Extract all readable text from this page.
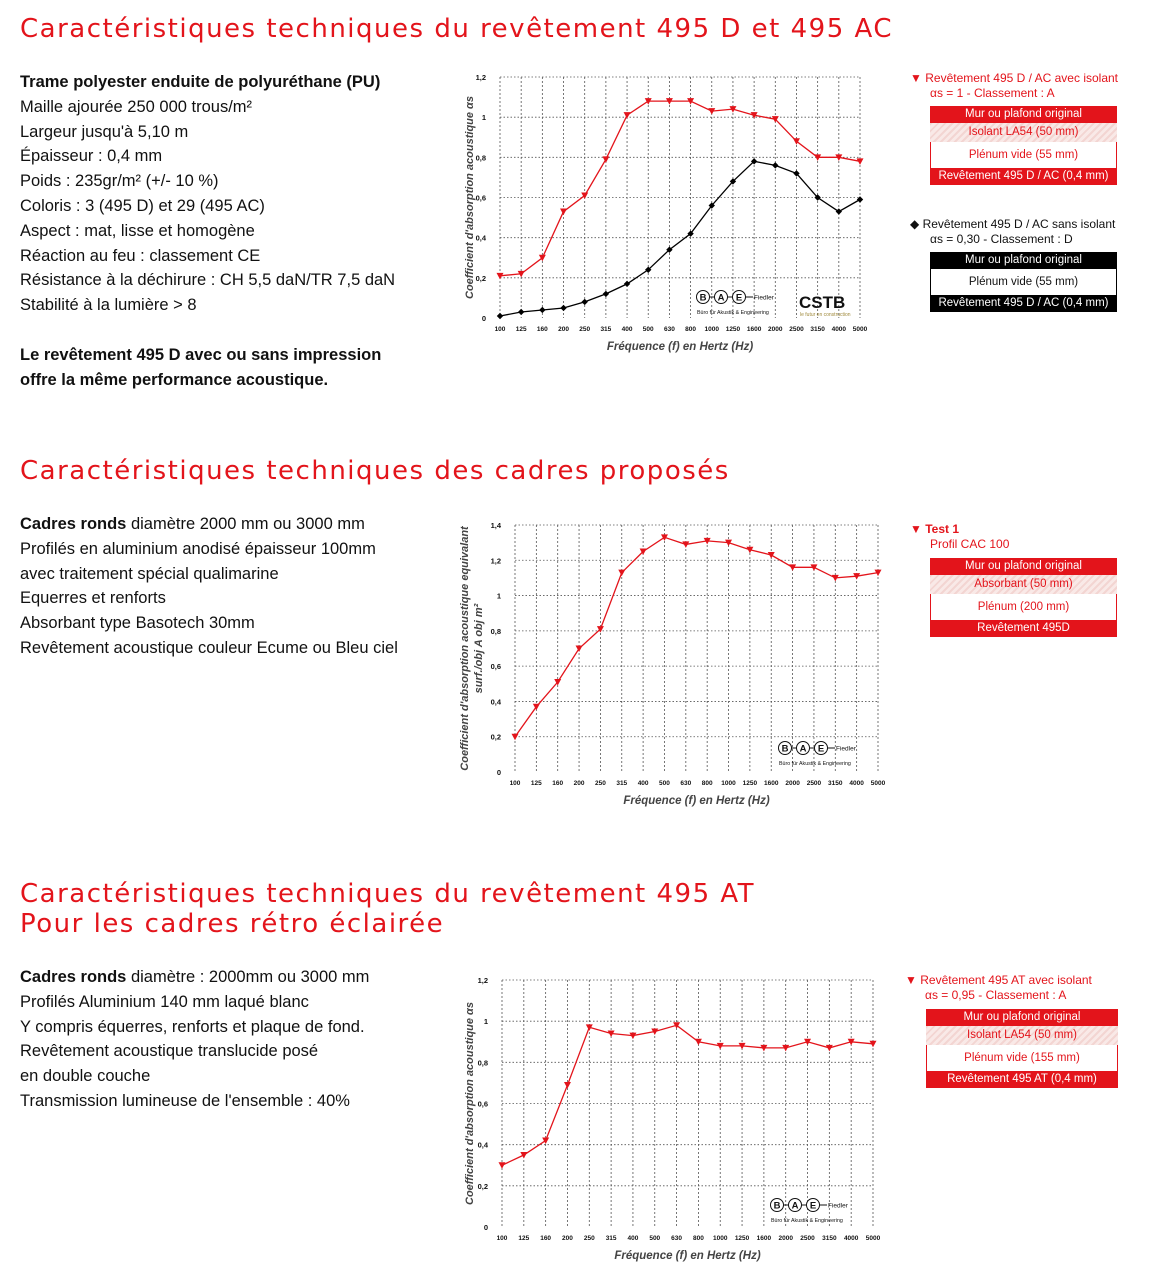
Caractéristiques techniques du revêtement 495 D et 495 AC
Trame polyester enduite de polyuréthane (PU)
Maille ajourée 250 000 trous/m²
Largeur jusqu'à 5,10 m
Épaisseur : 0,4 mm
Poids : 235gr/m² (+/- 10 %)
Coloris : 3 (495 D) et 29 (495 AC)
Aspect : mat, lisse et homogène
Réaction au feu : classement CE
Résistance à la déchirure : CH 5,5 daN/TR 7,5 daN
Stabilité à la lumière > 8
Le revêtement 495 D avec ou sans impression
offre la même performance acoustique.
0
0,2
0,4
0,6
0,8
1
1,2
100 125 160 200 250 315 400 500 630 800 1000 1250 1600 2000 2500 3150 4000 5000
Fréquence (f) en Hertz (Hz)
Coefficient d'absorption acoustique αs	B A E Fiedler
Büro für Akustik & Engineering
CSTB
le futur en construction
▼ Revêtement 495 D / AC avec isolant
αs = 1 - Classement : A
Mur ou plafond original
Isolant LA54 (50 mm)
Plénum vide (55 mm)
Revêtement 495 D / AC (0,4 mm)
◆ Revêtement 495 D / AC sans isolant
αs = 0,30 - Classement : D
Mur ou plafond original
Plénum vide (55 mm)
Revêtement 495 D / AC (0,4 mm)
Caractéristiques techniques des cadres proposés
Cadres ronds diamètre 2000 mm ou 3000 mm
Profilés en aluminium anodisé épaisseur 100mm
avec traitement spécial qualimarine
Equerres et renforts
Absorbant type Basotech 30mm
Revêtement acoustique couleur Ecume ou Bleu ciel
0
0,2
0,4
0,6
0,8
1
1,2
1,4
100 125 160 200 250 315 400 500 630 800 1000 1250 1600 2000 2500 3150 4000 5000
Fréquence (f) en Hertz (Hz)
Coefficient d'absorption acoustique equivalant surf./obj A obj m²
B A E Fiedler
Büro für Akustik & Engineering
▼ Test 1
Profil CAC 100
Mur ou plafond original
Absorbant (50 mm)
Plénum (200 mm)
Revêtement 495D
Caractéristiques techniques du revêtement 495 AT
Pour les cadres rétro éclairée
Cadres ronds diamètre : 2000mm ou 3000 mm
Profilés Aluminium 140 mm laqué blanc
Y compris équerres, renforts et plaque de fond.
Revêtement acoustique translucide posé
en double couche
Transmission lumineuse de l'ensemble : 40%
0
0,2
0,4
0,6
0,8
1
1,2
100 125 160 200 250 315 400 500 630 800 1000 1250 1600 2000 2500 3150 4000 5000
Fréquence (f) en Hertz (Hz)
Coefficient d'absorption acoustique αs
B A E Fiedler
Büro für Akustik & Engineering
▼ Revêtement 495 AT avec isolant
αs = 0,95 - Classement : A
Mur ou plafond original
Isolant LA54 (50 mm)
Plénum vide (155 mm)
Revêtement 495 AT (0,4 mm)
